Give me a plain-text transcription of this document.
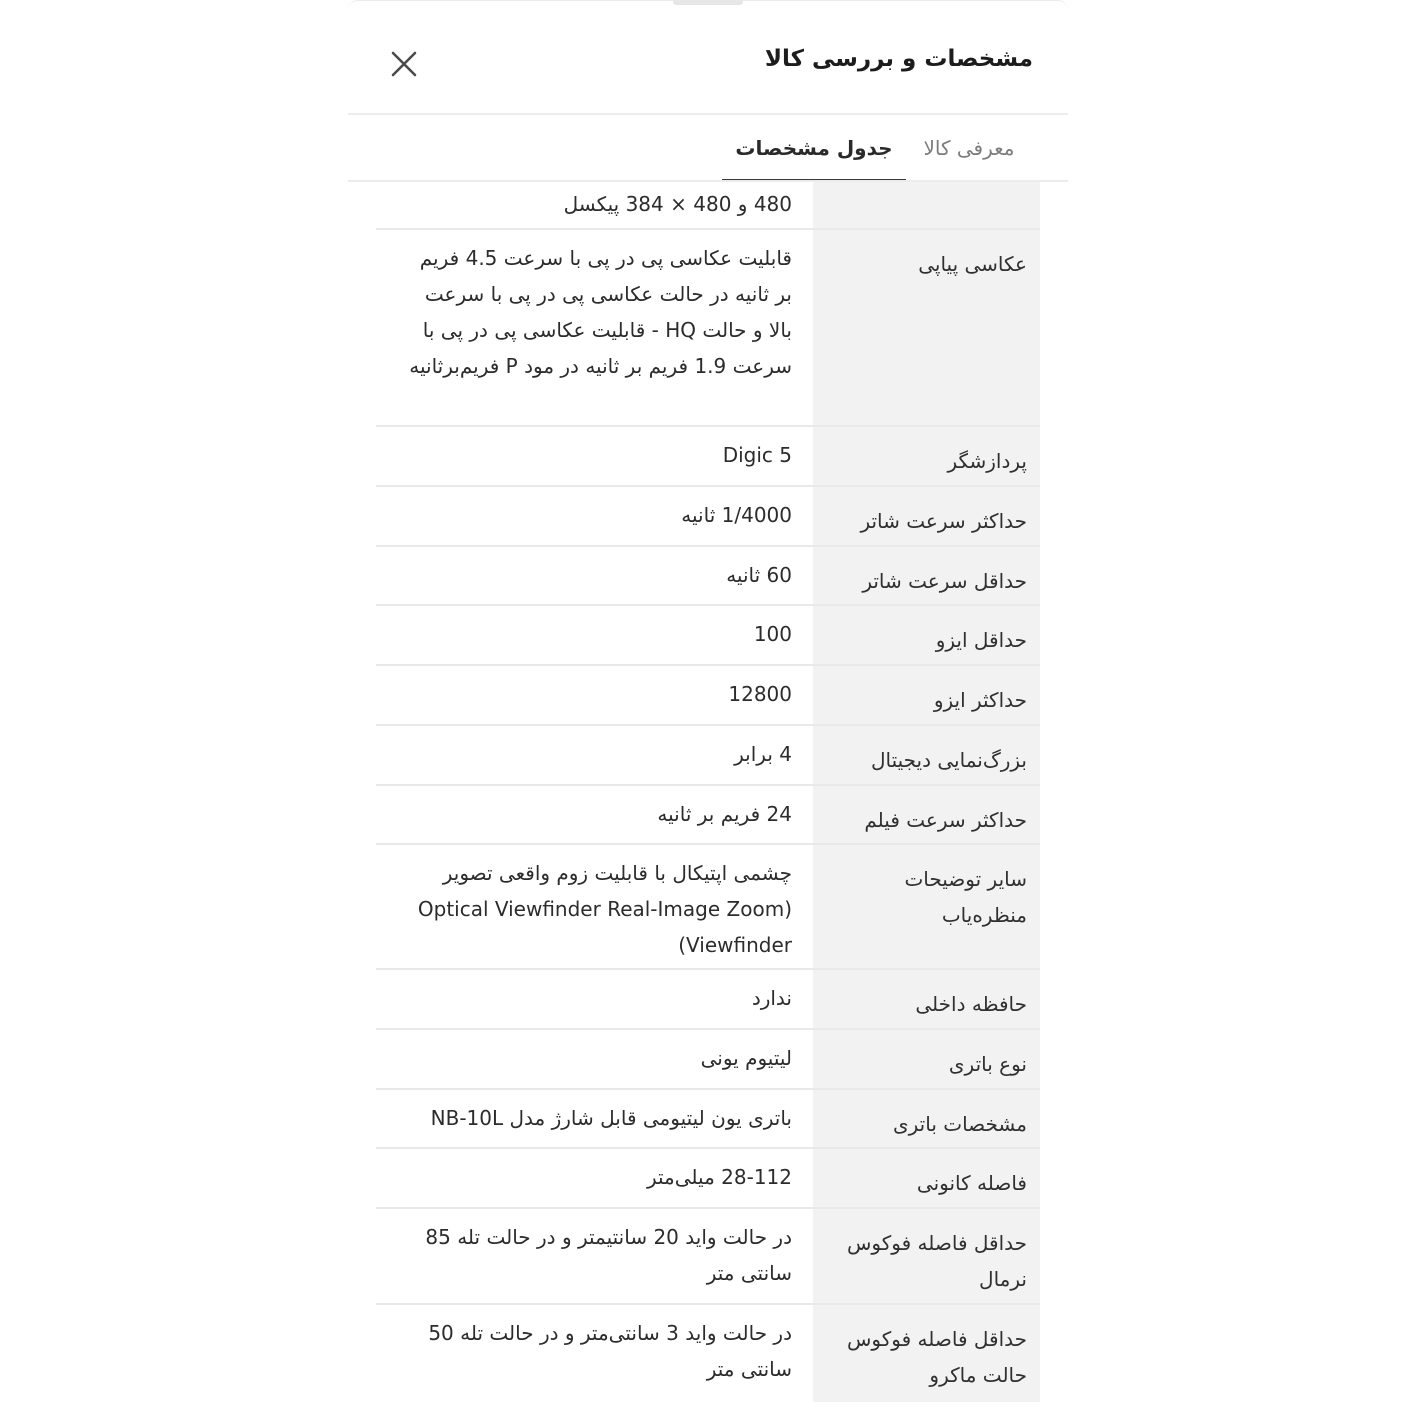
مشخصات و بررسی کالا
معرفی کالا
جدول مشخصات
480 و 480 × 384 پیکسل
عکاسی پیاپی
قابلیت عکاسی پی در پی با سرعت 4.5 فریم بر ثانیه در حالت عکاسی پی در پی با سرعت بالا و حالت HQ - قابلیت عکاسی پی در پی با سرعت 1.9 فریم بر ثانیه در مود P فریم‌برثانیه
پردازشگر
Digic 5
حداکثر سرعت شاتر
1/4000 ثانیه
حداقل سرعت شاتر
60 ثانیه
حداقل ایزو
100
حداکثر ایزو
12800
بزرگ‌نمایی دیجیتال
4 برابر
حداکثر سرعت فیلم
24 فریم بر ثانیه
سایر توضیحات منظره‌یاب
چشمی اپتیکال با قابلیت زوم واقعی تصویر (Optical Viewfinder Real-Image Zoom Viewfinder)
حافظه داخلی
ندارد
نوع باتری
لیتیوم یونی
مشخصات باتری
باتری یون لیتیومی قابل شارژ مدل NB-10L
فاصله کانونی
28-112 میلی‌متر
حداقل فاصله فوکوس نرمال
در حالت واید 20 سانتیمتر و در حالت تله 85 سانتی متر
حداقل فاصله فوکوس حالت ماکرو
در حالت واید 3 سانتی‌متر و در حالت تله 50 سانتی متر
